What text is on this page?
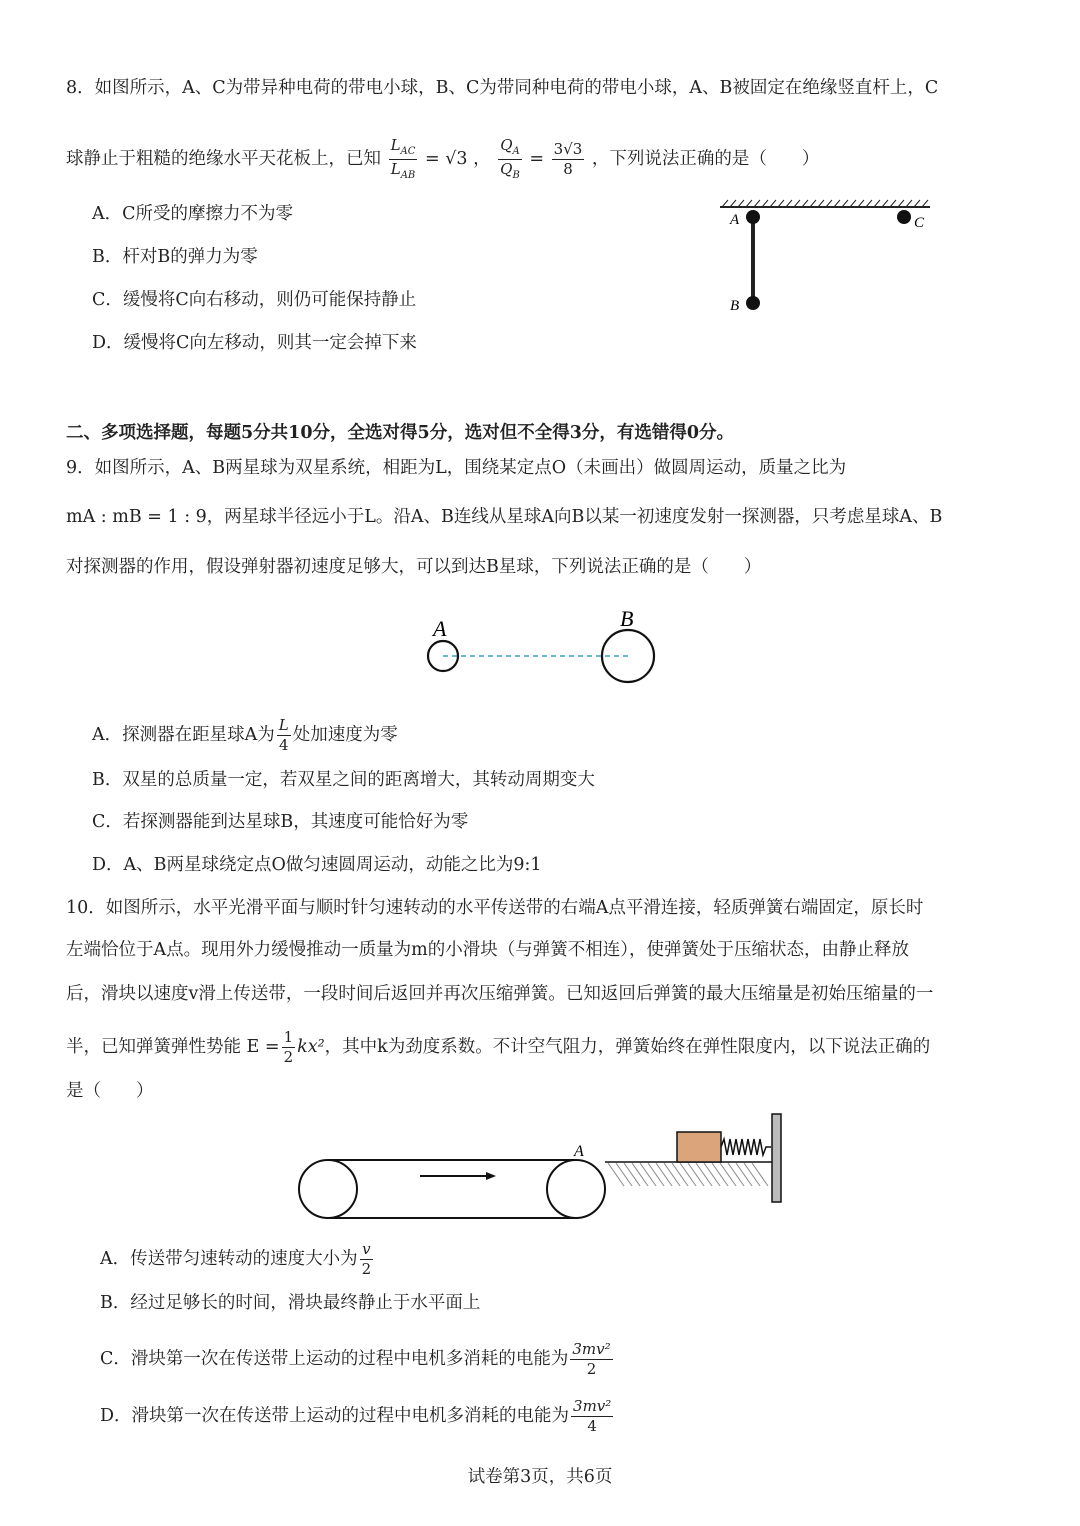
8．如图所示，A、C为带异种电荷的带电小球，B、C为带同种电荷的带电小球，A、B被固定在绝缘竖直杆上，C
球静止于粗糙的绝缘水平天花板上，已知 $\frac{L_{AC}}{L_{AB}} = √3$ ， $\frac{Q_A}{Q_B} = \frac{3√3}{8}$ ，下列说法正确的是（　　）
A．C所受的摩擦力不为零
B．杆对B的弹力为零
C．缓慢将C向右移动，则仍可能保持静止
D．缓慢将C向左移动，则其一定会掉下来
A
B
C
二、多项选择题，每题5分共10分，全选对得5分，选对但不全得3分，有选错得0分。
9．如图所示，A、B两星球为双星系统，相距为L，围绕某定点O（未画出）做圆周运动，质量之比为
mA : mB = 1 : 9，两星球半径远小于L。沿A、B连线从星球A向B以某一初速度发射一探测器，只考虑星球A、B
对探测器的作用，假设弹射器初速度足够大，可以到达B星球，下列说法正确的是（　　）
A	B
A．探测器在距星球A为 $\frac{L}{4}$ 处加速度为零
B．双星的总质量一定，若双星之间的距离增大，其转动周期变大
C．若探测器能到达星球B，其速度可能恰好为零
D．A、B两星球绕定点O做匀速圆周运动，动能之比为9:1
10．如图所示，水平光滑平面与顺时针匀速转动的水平传送带的右端A点平滑连接，轻质弹簧右端固定，原长时
左端恰位于A点。现用外力缓慢推动一质量为m的小滑块（与弹簧不相连），使弹簧处于压缩状态，由静止释放
后，滑块以速度v滑上传送带，一段时间后返回并再次压缩弹簧。已知返回后弹簧的最大压缩量是初始压缩量的一
半，已知弹簧弹性势能 $E = \frac{1}{2} kx^2$，其中k为劲度系数。不计空气阻力，弹簧始终在弹性限度内，以下说法正确的
是（　　）
A
A．传送带匀速转动的速度大小为 $\frac{v}{2}$
B．经过足够长的时间，滑块最终静止于水平面上
C．滑块第一次在传送带上运动的过程中电机多消耗的电能为 $\frac{\text{3mv²}}{2}$
D．滑块第一次在传送带上运动的过程中电机多消耗的电能为 $\frac{\text{3mv²}}{4}$
试卷第3页，共6页
